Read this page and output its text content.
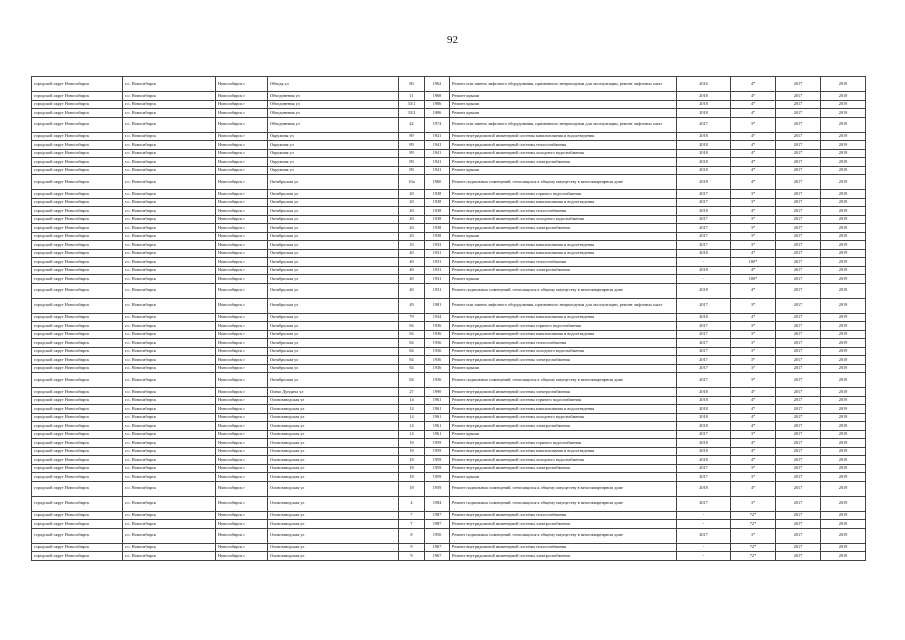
92
городской округ Новосибирск	г.о. Новосибирск	Новосибирск г	Объедя ул	80	1962	Ремонт или замена лифтового оборудования, признанного непригодным для эксплуатации, ремонт лифтовых шахт	2016	4*	2017	2019
городской округ Новосибирск	г.о. Новосибирск	Новосибирск г	Объединения ул	11	1968	Ремонт крыши	2018	4*	2017	2019
городской округ Новосибирск	г.о. Новосибирск	Новосибирск г	Объединения ул	33/1	1986	Ремонт крыши	2018	4*	2017	2019
городской округ Новосибирск	г.о. Новосибирск	Новосибирск г	Объединения ул	33/2	1986	Ремонт крыши	2018	4*	2017	2019
городской округ Новосибирск	г.о. Новосибирск	Новосибирск г	Объединения ул	42	1974	Ремонт или замена лифтового оборудования, признанного непригодным для эксплуатации, ремонт лифтовых шахт	2017	3*	2017	2019
городской округ Новосибирск	г.о. Новосибирск	Новосибирск г	Окружная ул	89	1941	Ремонт внутридомовой инженерной системы канализования и водоотведения	2018	4*	2017	2019
городской округ Новосибирск	г.о. Новосибирск	Новосибирск г	Окружная ул	89	1941	Ремонт внутридомовой инженерной системы теплоснабжения	2018	4*	2017	2019
городской округ Новосибирск	г.о. Новосибирск	Новосибирск г	Окружная ул	89	1941	Ремонт внутридомовой инженерной системы холодного водоснабжения	2018	4*	2017	2019
городской округ Новосибирск	г.о. Новосибирск	Новосибирск г	Окружная ул	89	1941	Ремонт внутридомовой инженерной системы электроснабжения	2018	4*	2017	2019
городской округ Новосибирск	г.о. Новосибирск	Новосибирск г	Окружная ул	89	1941	Ремонт крыши	2018	4*	2017	2019
городской округ Новосибирск	г.о. Новосибирск	Новосибирск г	Октябрьская ул	10а	1960	Ремонт подвальных помещений, относящихся к общему имуществу в многоквартирном доме	2018	4*	2017	2019
городской округ Новосибирск	г.о. Новосибирск	Новосибирск г	Октябрьская ул	20	1938	Ремонт внутридомовой инженерной системы горячего водоснабжения	2017	3*	2017	2019
городской округ Новосибирск	г.о. Новосибирск	Новосибирск г	Октябрьская ул	20	1938	Ремонт внутридомовой инженерной системы канализования и водоотведения	2017	3*	2017	2019
городской округ Новосибирск	г.о. Новосибирск	Новосибирск г	Октябрьская ул	20	1938	Ремонт внутридомовой инженерной системы теплоснабжения	2018	4*	2017	2019
городской округ Новосибирск	г.о. Новосибирск	Новосибирск г	Октябрьская ул	20	1938	Ремонт внутридомовой инженерной системы холодного водоснабжения	2017	3*	2017	2019
городской округ Новосибирск	г.о. Новосибирск	Новосибирск г	Октябрьская ул	20	1938	Ремонт внутридомовой инженерной системы электроснабжения	2017	3*	2017	2019
городской округ Новосибирск	г.о. Новосибирск	Новосибирск г	Октябрьская ул	20	1938	Ремонт крыши	2017	3*	2017	2019
городской округ Новосибирск	г.о. Новосибирск	Новосибирск г	Октябрьская ул	33	1933	Ремонт внутридомовой инженерной системы канализования и водоотведения	2017	3*	2017	2019
городской округ Новосибирск	г.о. Новосибирск	Новосибирск г	Октябрьская ул	40	1931	Ремонт внутридомовой инженерной системы канализования и водоотведения	2018	4*	2017	2019
городской округ Новосибирск	г.о. Новосибирск	Новосибирск г	Октябрьская ул	40	1931	Ремонт внутридомовой инженерной системы теплоснабжения	-	100*	2017	2019
городской округ Новосибирск	г.о. Новосибирск	Новосибирск г	Октябрьская ул	40	1931	Ремонт внутридомовой инженерной системы электроснабжения	2018	4*	2017	2019
городской округ Новосибирск	г.о. Новосибирск	Новосибирск г	Октябрьская ул	40	1931	Ремонт крыши	-	100*	2017	2019
городской округ Новосибирск	г.о. Новосибирск	Новосибирск г	Октябрьская ул	40	1931	Ремонт подвальных помещений, относящихся к общему имуществу в многоквартирном доме	2018	4*	2017	2019
городской округ Новосибирск	г.о. Новосибирск	Новосибирск г	Октябрьская ул	49	1981	Ремонт или замена лифтового оборудования, признанного непригодным для эксплуатации, ремонт лифтовых шахт	2017	3*	2017	2019
городской округ Новосибирск	г.о. Новосибирск	Новосибирск г	Октябрьская ул	79	1934	Ремонт внутридомовой инженерной системы канализования и водоотведения	2018	4*	2017	2019
городской округ Новосибирск	г.о. Новосибирск	Новосибирск г	Октябрьская ул	84	1936	Ремонт внутридомовой инженерной системы горячего водоснабжения	2017	3*	2017	2019
городской округ Новосибирск	г.о. Новосибирск	Новосибирск г	Октябрьская ул	84	1936	Ремонт внутридомовой инженерной системы канализования и водоотведения	2017	3*	2017	2019
городской округ Новосибирск	г.о. Новосибирск	Новосибирск г	Октябрьская ул	84	1936	Ремонт внутридомовой инженерной системы теплоснабжения	2017	3*	2017	2019
городской округ Новосибирск	г.о. Новосибирск	Новосибирск г	Октябрьская ул	84	1936	Ремонт внутридомовой инженерной системы холодного водоснабжения	2017	3*	2017	2019
городской округ Новосибирск	г.о. Новосибирск	Новосибирск г	Октябрьская ул	84	1936	Ремонт внутридомовой инженерной системы электроснабжения	2017	3*	2017	2019
городской округ Новосибирск	г.о. Новосибирск	Новосибирск г	Октябрьская ул	84	1936	Ремонт крыши	2017	3*	2017	2019
городской округ Новосибирск	г.о. Новосибирск	Новосибирск г	Октябрьская ул	84	1936	Ремонт подвальных помещений, относящихся к общему имуществу в многоквартирном доме	2017	3*	2017	2019
городской округ Новосибирск	г.о. Новосибирск	Новосибирск г	Олеко Дундича ул	27	1990	Ремонт внутридомовой инженерной системы электроснабжения	2018	4*	2017	2019
городской округ Новосибирск	г.о. Новосибирск	Новосибирск г	Оловозаводская ул	14	1961	Ремонт внутридомовой инженерной системы горячего водоснабжения	2018	4*	2017	2019
городской округ Новосибирск	г.о. Новосибирск	Новосибирск г	Оловозаводская ул	14	1961	Ремонт внутридомовой инженерной системы канализования и водоотведения	2018	4*	2017	2019
городской округ Новосибирск	г.о. Новосибирск	Новосибирск г	Оловозаводская ул	14	1961	Ремонт внутридомовой инженерной системы холодного водоснабжения	2018	4*	2017	2019
городской округ Новосибирск	г.о. Новосибирск	Новосибирск г	Оловозаводская ул	14	1961	Ремонт внутридомовой инженерной системы электроснабжения	2018	4*	2017	2019
городской округ Новосибирск	г.о. Новосибирск	Новосибирск г	Оловозаводская ул	14	1961	Ремонт крыши	2017	3*	2017	2019
городской округ Новосибирск	г.о. Новосибирск	Новосибирск г	Оловозаводская ул	18	1959	Ремонт внутридомовой инженерной системы горячего водоснабжения	2018	4*	2017	2019
городской округ Новосибирск	г.о. Новосибирск	Новосибирск г	Оловозаводская ул	18	1959	Ремонт внутридомовой инженерной системы канализования и водоотведения	2018	4*	2017	2019
городской округ Новосибирск	г.о. Новосибирск	Новосибирск г	Оловозаводская ул	18	1959	Ремонт внутридомовой инженерной системы холодного водоснабжения	2018	4*	2017	2019
городской округ Новосибирск	г.о. Новосибирск	Новосибирск г	Оловозаводская ул	18	1959	Ремонт внутридомовой инженерной системы электроснабжения	2017	3*	2017	2019
городской округ Новосибирск	г.о. Новосибирск	Новосибирск г	Оловозаводская ул	18	1959	Ремонт крыши	2017	3*	2017	2019
городской округ Новосибирск	г.о. Новосибирск	Новосибирск г	Оловозаводская ул	18	1959	Ремонт подвальных помещений, относящихся к общему имуществу в многоквартирном доме	2018	4*	2017	2019
городской округ Новосибирск	г.о. Новосибирск	Новосибирск г	Оловозаводская ул	4	1984	Ремонт подвальных помещений, относящихся к общему имуществу в многоквартирном доме	2017	3*	2017	2019
городской округ Новосибирск	г.о. Новосибирск	Новосибирск г	Оловозаводская ул	7	1987	Ремонт внутридомовой инженерной системы теплоснабжения	-	72*	2017	2019
городской округ Новосибирск	г.о. Новосибирск	Новосибирск г	Оловозаводская ул	7	1987	Ремонт внутридомовой инженерной системы электроснабжения	-	72*	2017	2019
городской округ Новосибирск	г.о. Новосибирск	Новосибирск г	Оловозаводская ул	8	1950	Ремонт подвальных помещений, относящихся к общему имуществу в многоквартирном доме	2017	3*	2017	2019
городской округ Новосибирск	г.о. Новосибирск	Новосибирск г	Оловозаводская ул	9	1967	Ремонт внутридомовой инженерной системы теплоснабжения	-	72*	2017	2019
городской округ Новосибирск	г.о. Новосибирск	Новосибирск г	Оловозаводская ул	9	1967	Ремонт внутридомовой инженерной системы электроснабжения	-	72*	2017	2019
